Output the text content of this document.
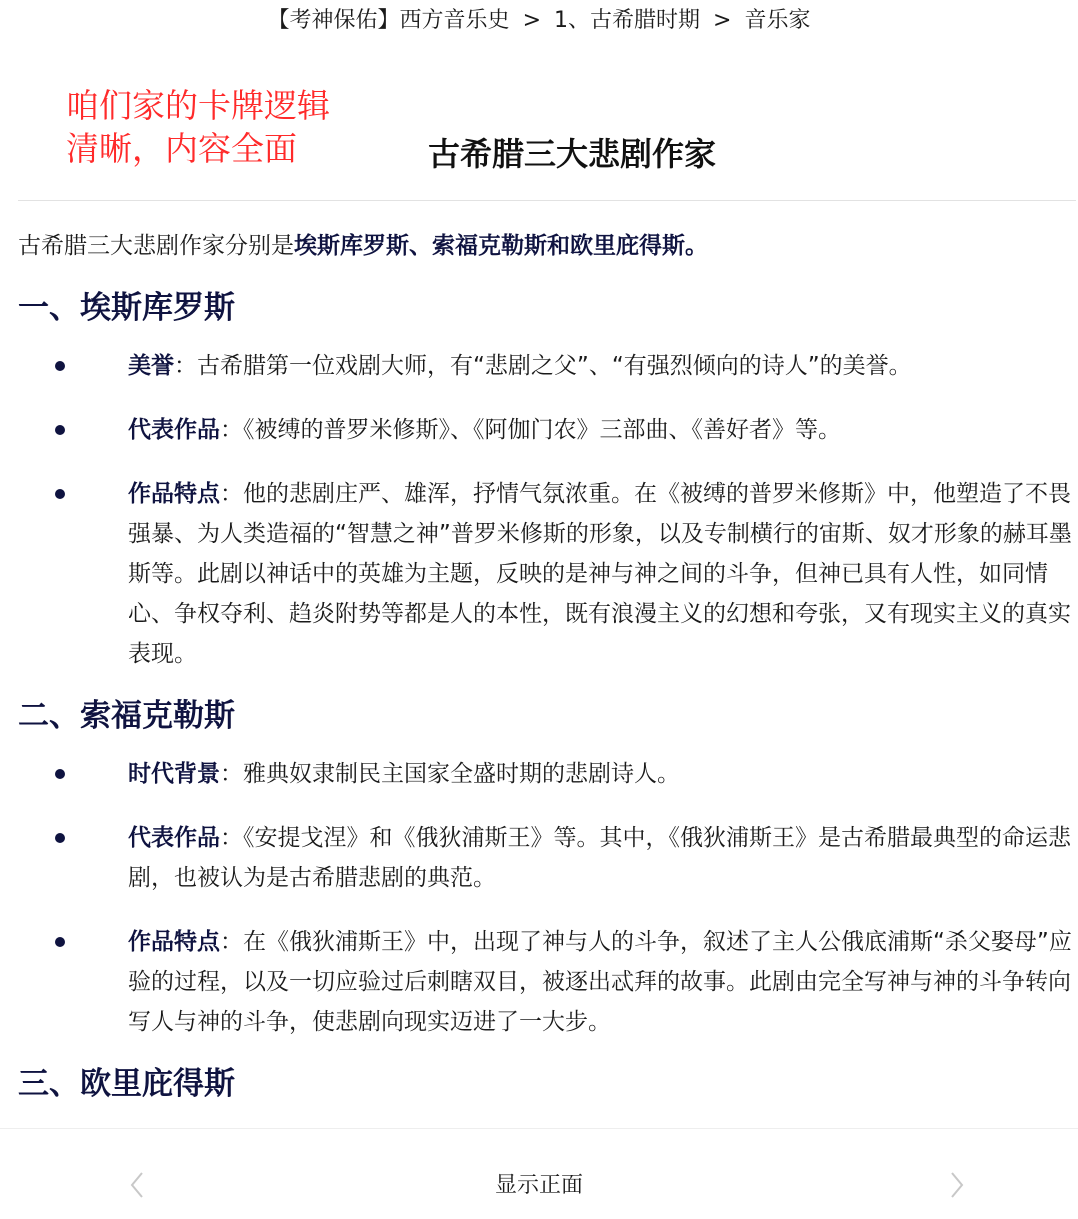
【考神保佑】西方音乐史 > 1、古希腊时期 > 音乐家
咱们家的卡牌逻辑
清晰，内容全面	古希腊三大悲剧作家

古希腊三大悲剧作家分别是埃斯库罗斯、索福克勒斯和欧里庇得斯。

一、埃斯库罗斯
美誉：古希腊第一位戏剧大师，有“悲剧之父”、“有强烈倾向的诗人”的美誉。
代表作品：《被缚的普罗米修斯》、《阿伽门农》三部曲、《善好者》等。
作品特点：他的悲剧庄严、雄浑，抒情气氛浓重。在《被缚的普罗米修斯》中，他塑造了不畏强暴、为人类造福的“智慧之神”普罗米修斯的形象，以及专制横行的宙斯、奴才形象的赫耳墨斯等。此剧以神话中的英雄为主题，反映的是神与神之间的斗争，但神已具有人性，如同情心、争权夺利、趋炎附势等都是人的本性，既有浪漫主义的幻想和夸张，又有现实主义的真实表现。
二、索福克勒斯
时代背景：雅典奴隶制民主国家全盛时期的悲剧诗人。
代表作品：《安提戈涅》和《俄狄浦斯王》等。其中，《俄狄浦斯王》是古希腊最典型的命运悲剧，也被认为是古希腊悲剧的典范。
作品特点：在《俄狄浦斯王》中，出现了神与人的斗争，叙述了主人公俄底浦斯“杀父娶母”应验的过程，以及一切应验过后刺瞎双目，被逐出忒拜的故事。此剧由完全写神与神的斗争转向写人与神的斗争，使悲剧向现实迈进了一大步。
三、欧里庇得斯
显示正面
